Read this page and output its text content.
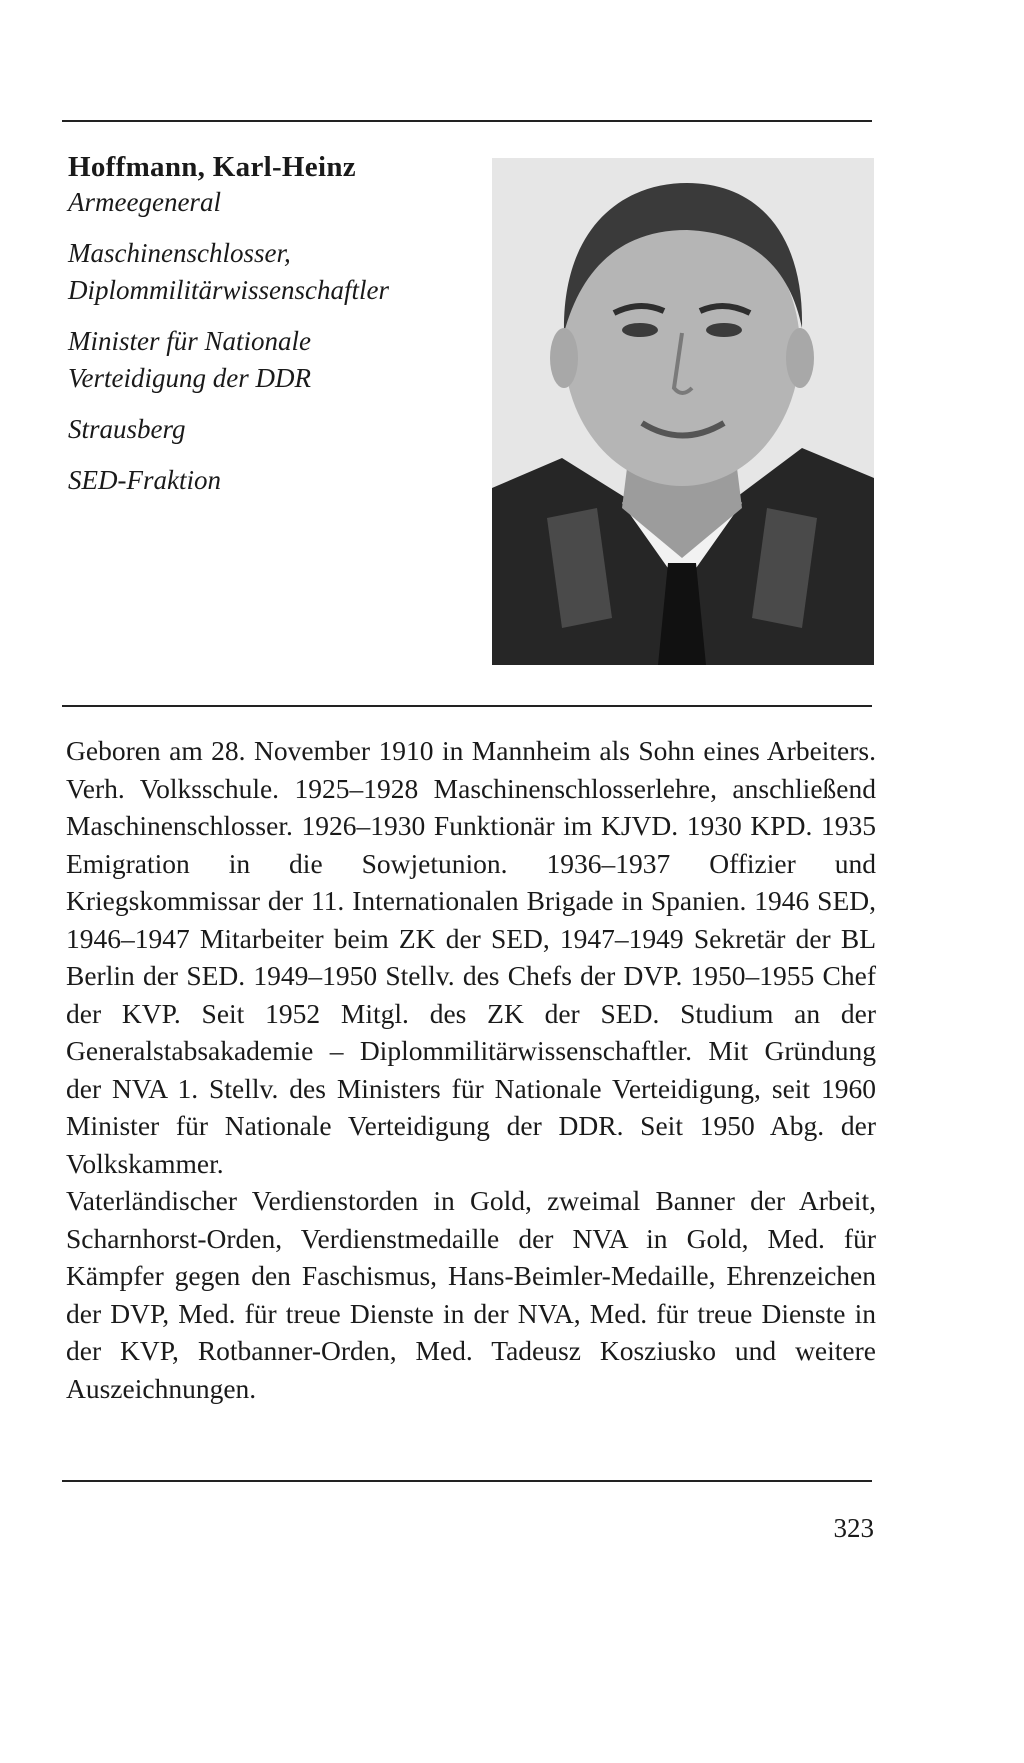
Hoffmann, Karl-Heinz
Armeegeneral
Maschinenschlosser,
Diplommilitärwissenschaftler
Minister für Nationale
Verteidigung der DDR
Strausberg
SED-Fraktion

Geboren am 28. November 1910 in Mannheim als Sohn eines Arbeiters. Verh. Volksschule. 1925–1928 Maschinenschlosserlehre, anschließend Maschinenschlosser. 1926–1930 Funktionär im KJVD. 1930 KPD. 1935 Emigration in die Sowjetunion. 1936–1937 Offizier und Kriegskommissar der 11. Internationalen Brigade in Spanien. 1946 SED, 1946–1947 Mitarbeiter beim ZK der SED, 1947–1949 Sekretär der BL Berlin der SED. 1949–1950 Stellv. des Chefs der DVP. 1950–1955 Chef der KVP. Seit 1952 Mitgl. des ZK der SED. Studium an der Generalstabsakademie – Diplommilitärwissenschaftler. Mit Gründung der NVA 1. Stellv. des Ministers für Nationale Verteidigung, seit 1960 Minister für Nationale Verteidigung der DDR. Seit 1950 Abg. der Volkskammer.

Vaterländischer Verdienstorden in Gold, zweimal Banner der Arbeit, Scharnhorst-Orden, Verdienstmedaille der NVA in Gold, Med. für Kämpfer gegen den Faschismus, Hans-Beimler-Medaille, Ehrenzeichen der DVP, Med. für treue Dienste in der NVA, Med. für treue Dienste in der KVP, Rotbanner-Orden, Med. Tadeusz Kosziusko und weitere Auszeichnungen.

323
